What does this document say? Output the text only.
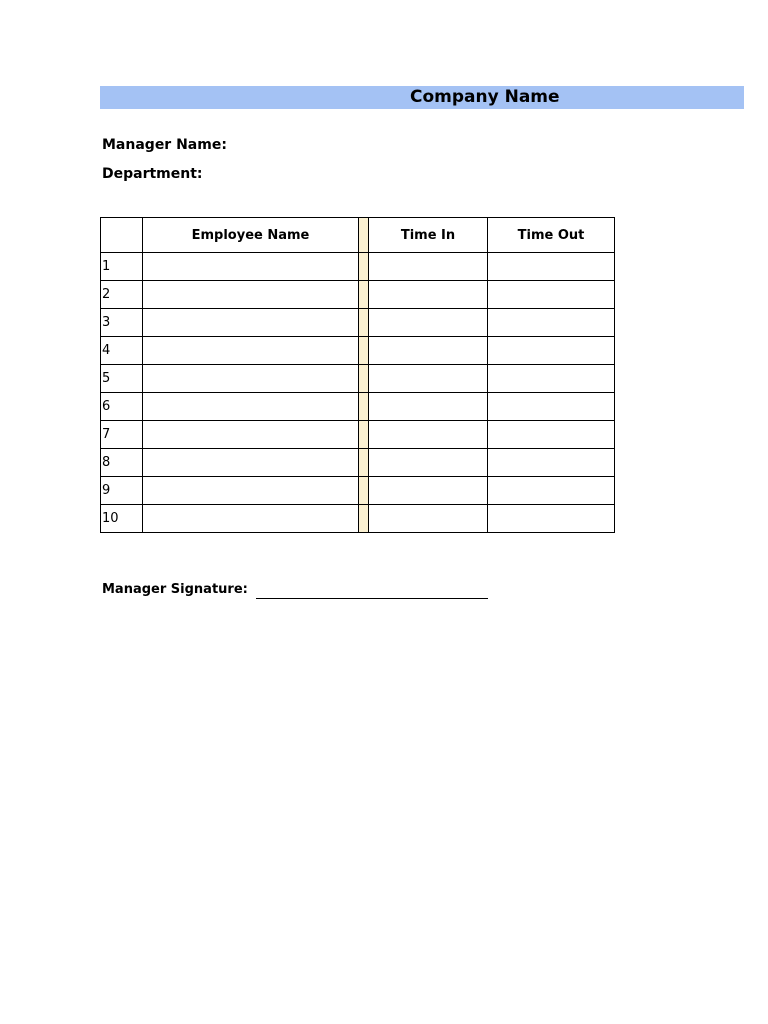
Company Name
Manager Name:
Department:
	Employee Name		Time In	Time Out
1				
2				
3				
4				
5				
6				
7				
8				
9				
10				
Manager Signature:
